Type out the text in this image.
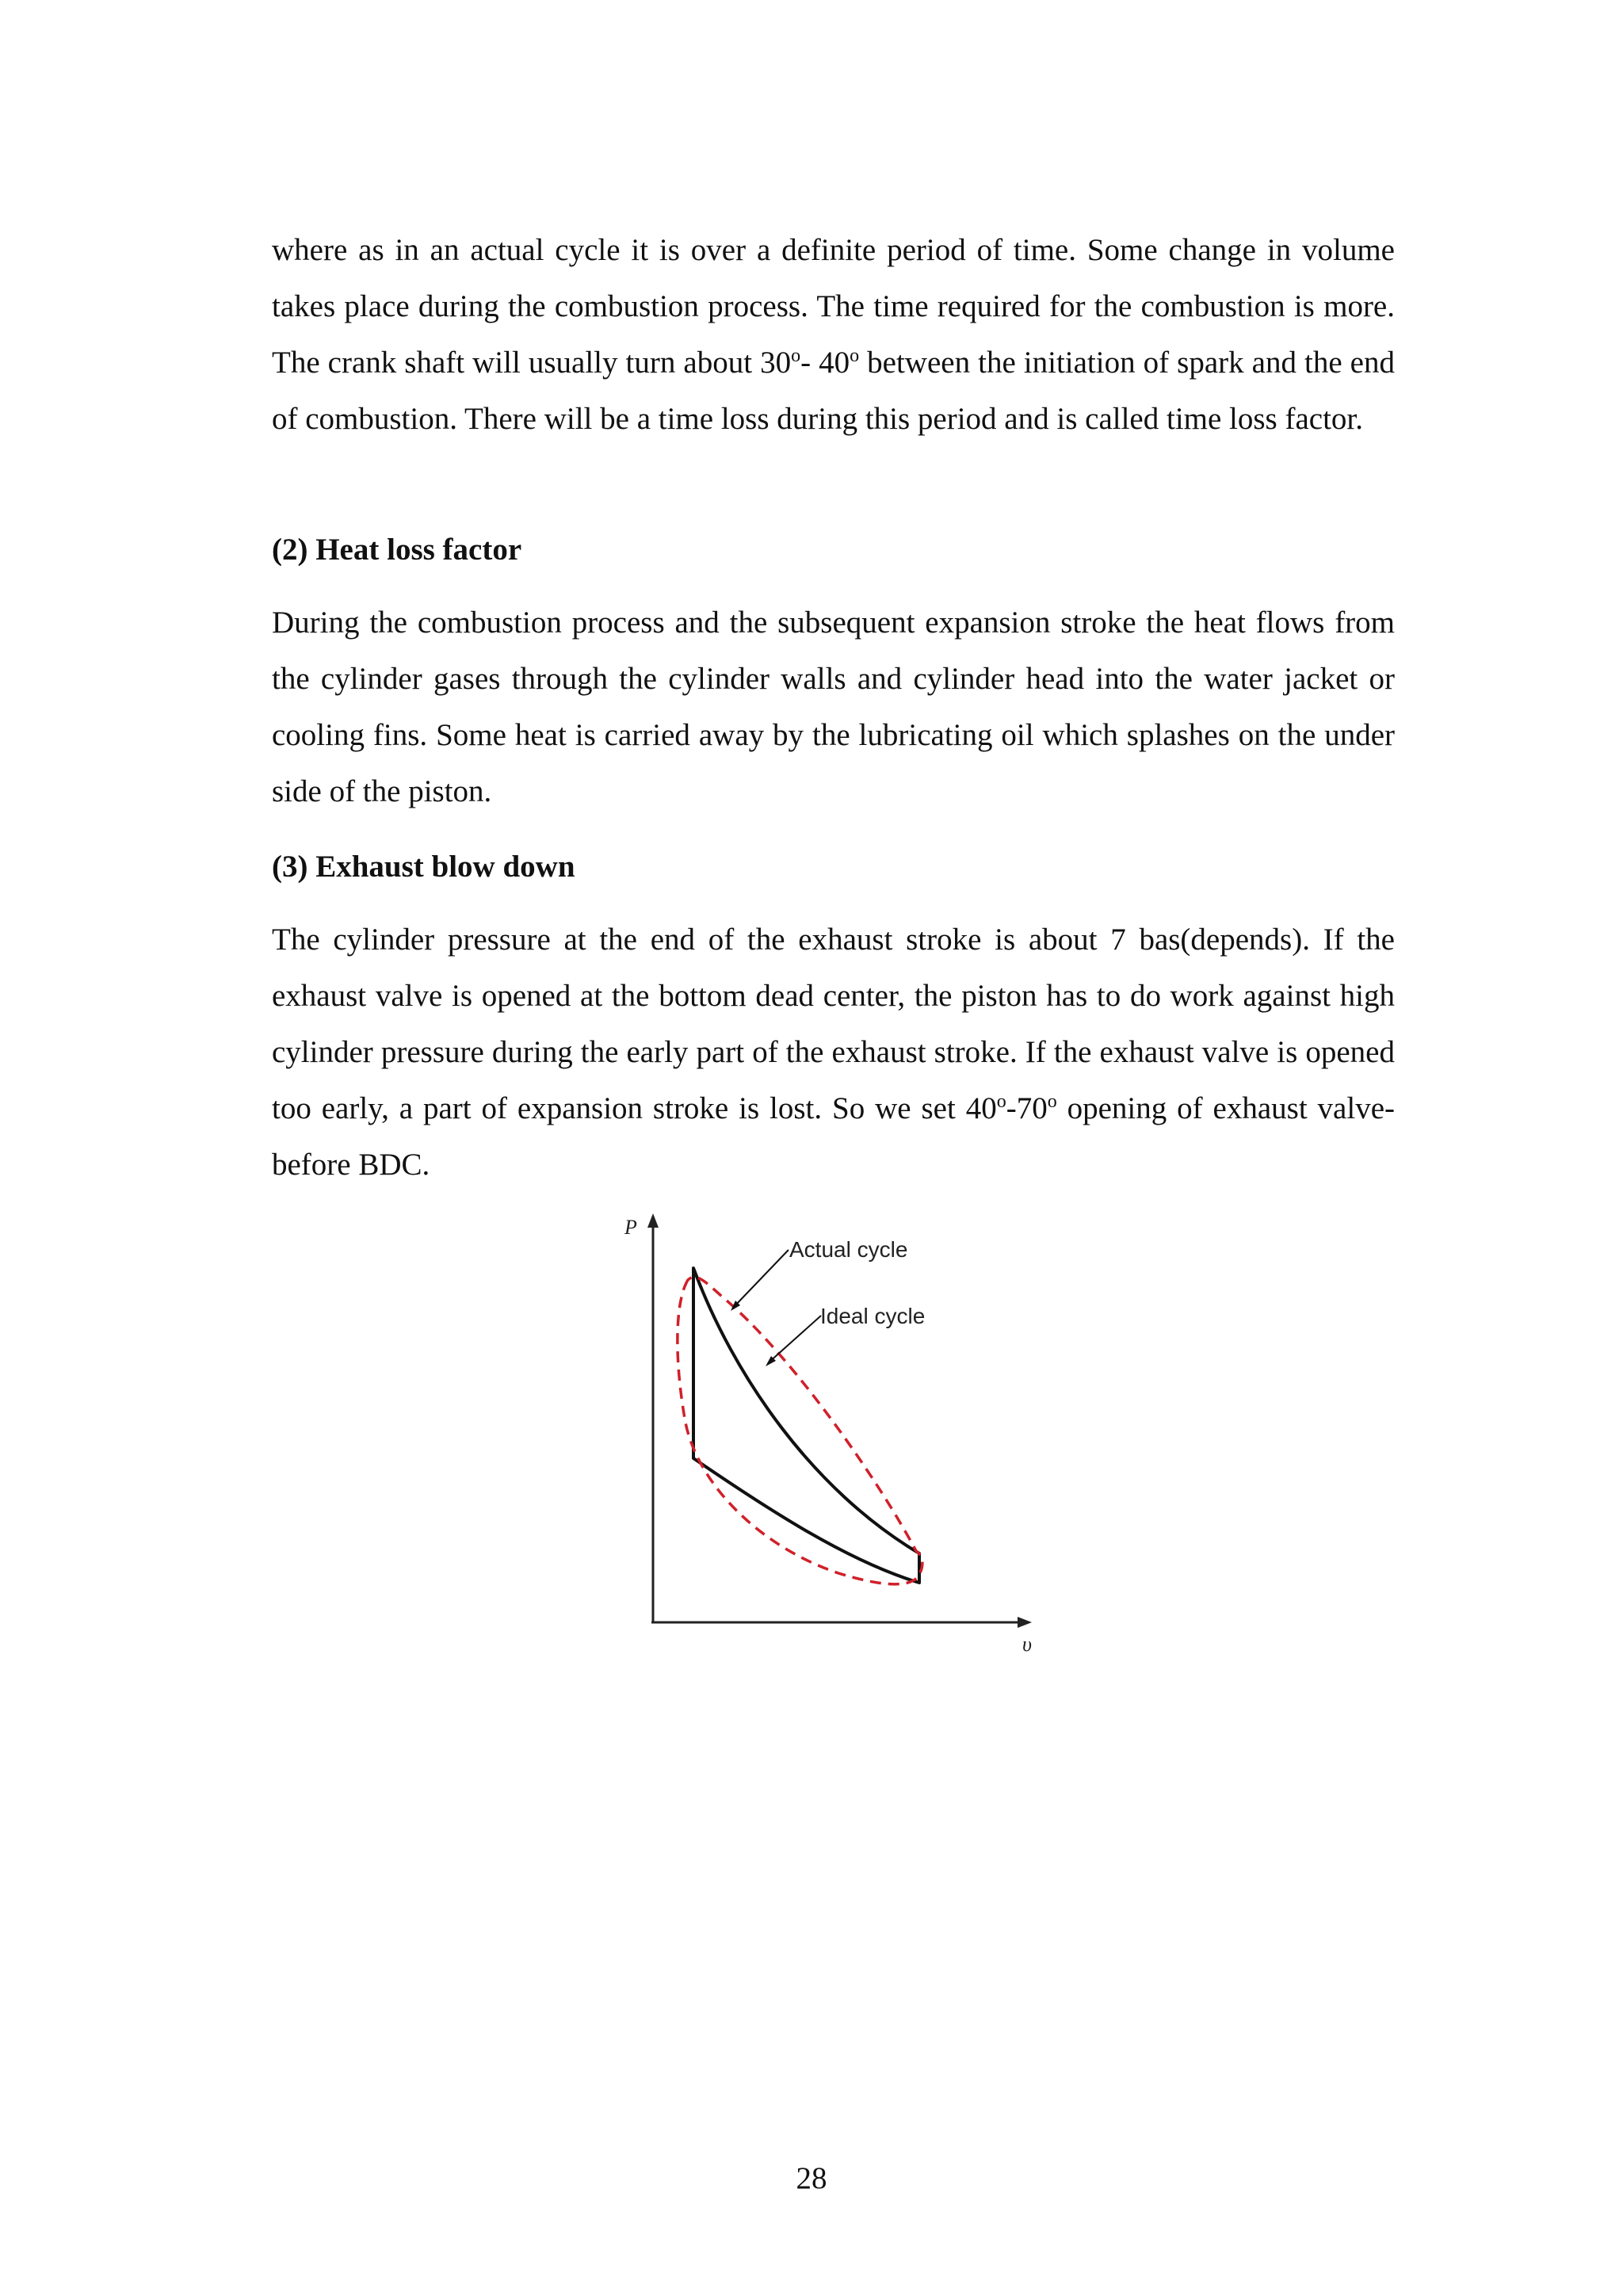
where as in an actual cycle it is over a definite period of time. Some change in volume takes place during the combustion process. The time required for the combustion is more. The crank shaft will usually turn about 30$^o$- 40$^o$ between the initiation of spark and the end of combustion. There will be a time loss during this period and is called time loss factor.

(2) Heat loss factor

During the combustion process and the subsequent expansion stroke the heat flows from the cylinder gases through the cylinder walls and cylinder head into the water jacket or cooling fins. Some heat is carried away by the lubricating oil which splashes on the under side of the piston.

(3) Exhaust blow down

The cylinder pressure at the end of the exhaust stroke is about 7 bas(depends). If the exhaust valve is opened at the bottom dead center, the piston has to do work against high cylinder pressure during the early part of the exhaust stroke. If the exhaust valve is opened too early, a part of expansion stroke is lost. So we set 40$^o$-70$^o$ opening of exhaust valve- before BDC.

P
υ
Actual cycle
Ideal cycle
28
